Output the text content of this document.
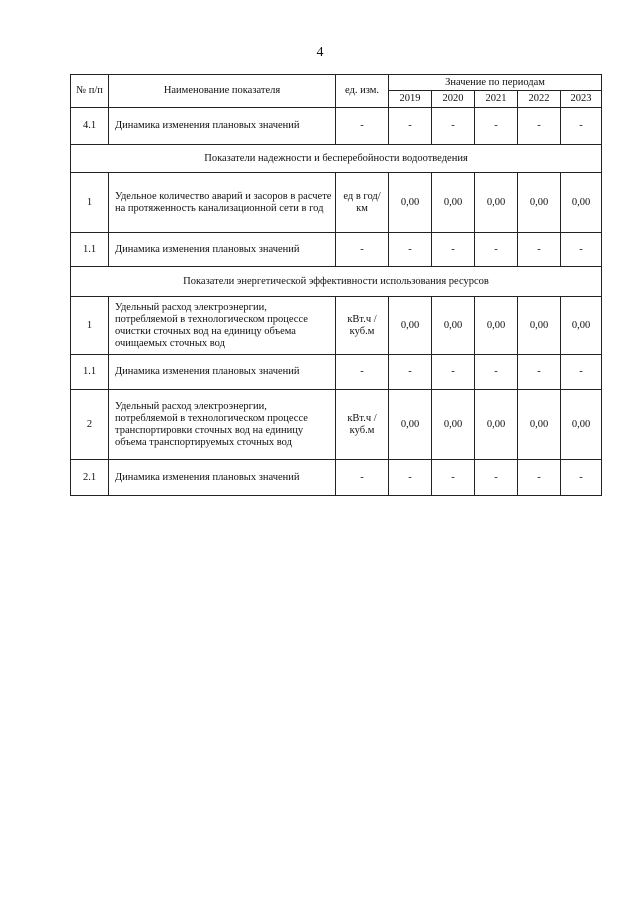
4
№ п/п	Наименование показателя	ед. изм.	Значение по периодам				
			2019	2020	2021	2022	2023
4.1	Динамика изменения плановых значений	-	-	-	-	-	-
Показатели надежности и бесперебойности водоотведения							
1	Удельное количество аварий и засоров в расчете на протяженность канализационной сети в год	ед в год/ км	0,00	0,00	0,00	0,00	0,00
1.1	Динамика изменения плановых значений	-	-	-	-	-	-
Показатели энергетической эффективности использования ресурсов							
1	Удельный расход электроэнергии, потребляемой в технологическом процессе очистки сточных вод на единицу объема очищаемых сточных вод	кВт.ч / куб.м	0,00	0,00	0,00	0,00	0,00
1.1	Динамика изменения плановых значений	-	-	-	-	-	-
2	Удельный расход электроэнергии, потребляемой в технологическом процессе транспортировки сточных вод на единицу объема транспортируемых сточных вод	кВт.ч / куб.м	0,00	0,00	0,00	0,00	0,00
2.1	Динамика изменения плановых значений	-	-	-	-	-	-
